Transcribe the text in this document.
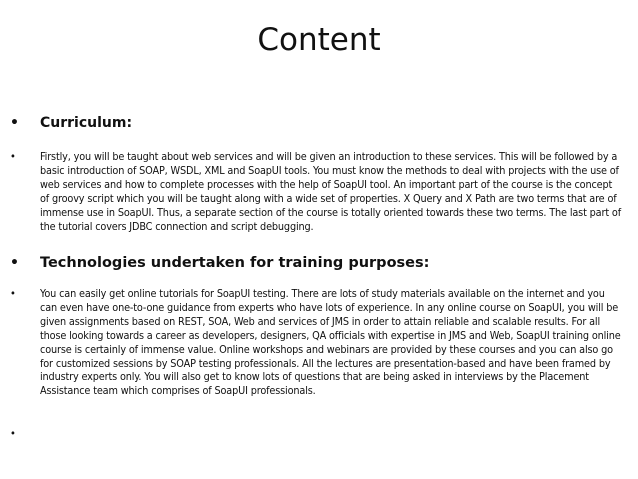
Content
• Curriculum:
•	Firstly, you will be taught about web services and will be given an introduction to these services. This will be followed by a basic introduction of SOAP, WSDL, XML and SoapUI tools. You must know the methods to deal with projects with the use of web services and how to complete processes with the help of SoapUI tool. An important part of the course is the concept of groovy script which you will be taught along with a wide set of properties. X Query and X Path are two terms that are of immense use in SoapUI. Thus, a separate section of the course is totally oriented towards these two terms. The last part of the tutorial covers JDBC connection and script debugging.
• Technologies undertaken for training purposes:
•	You can easily get online tutorials for SoapUI testing. There are lots of study materials available on the internet and you can even have one-to-one guidance from experts who have lots of experience. In any online course on SoapUI, you will be given assignments based on REST, SOA, Web and services of JMS in order to attain reliable and scalable results. For all those looking towards a career as developers, designers, QA officials with expertise in JMS and Web, SoapUI training online course is certainly of immense value. Online workshops and webinars are provided by these courses and you can also go for customized sessions by SOAP testing professionals. All the lectures are presentation-based and have been framed by industry experts only. You will also get to know lots of questions that are being asked in interviews by the Placement Assistance team which comprises of SoapUI professionals.
•
